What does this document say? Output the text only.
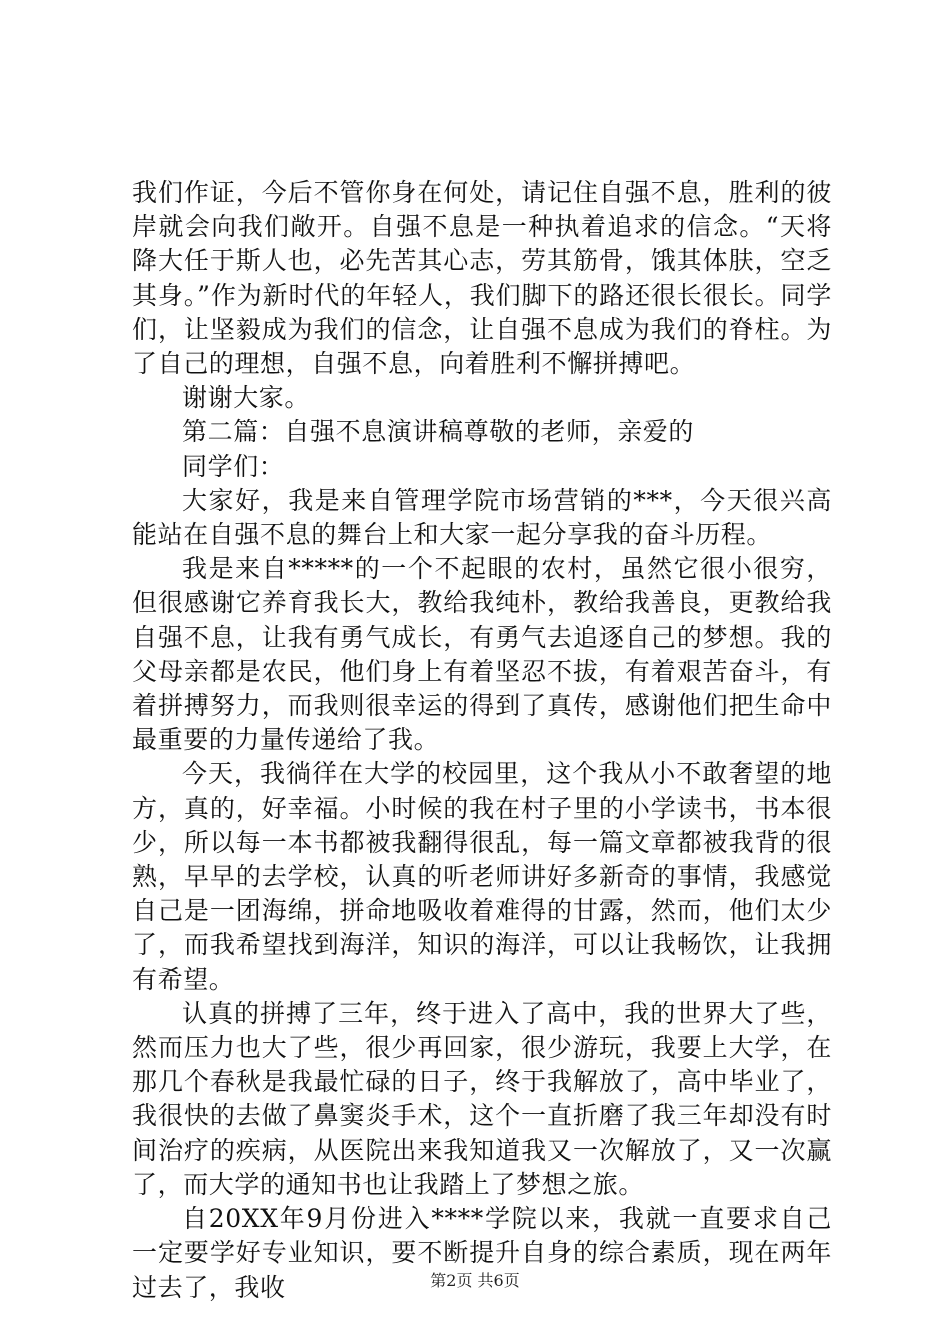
我们作证，今后不管你身在何处，请记住自强不息，胜利的彼岸就会向我们敞开。自强不息是一种执着追求的信念。“天将降大任于斯人也，必先苦其心志，劳其筋骨，饿其体肤，空乏其身。”作为新时代的年轻人，我们脚下的路还很长很长。同学们，让坚毅成为我们的信念，让自强不息成为我们的脊柱。为了自己的理想，自强不息，向着胜利不懈拼搏吧。

谢谢大家。

第二篇：自强不息演讲稿尊敬的老师，亲爱的

同学们：

大家好，我是来自管理学院市场营销的***，今天很兴高能站在自强不息的舞台上和大家一起分享我的奋斗历程。

我是来自*****的一个不起眼的农村，虽然它很小很穷，但很感谢它养育我长大，教给我纯朴，教给我善良，更教给我自强不息，让我有勇气成长，有勇气去追逐自己的梦想。我的父母亲都是农民，他们身上有着坚忍不拔，有着艰苦奋斗，有着拼搏努力，而我则很幸运的得到了真传，感谢他们把生命中最重要的力量传递给了我。

今天，我徜徉在大学的校园里，这个我从小不敢奢望的地方，真的，好幸福。小时候的我在村子里的小学读书，书本很少，所以每一本书都被我翻得很乱，每一篇文章都被我背的很熟，早早的去学校，认真的听老师讲好多新奇的事情，我感觉自己是一团海绵，拼命地吸收着难得的甘露，然而，他们太少了，而我希望找到海洋，知识的海洋，可以让我畅饮，让我拥有希望。

认真的拼搏了三年，终于进入了高中，我的世界大了些，然而压力也大了些，很少再回家，很少游玩，我要上大学，在那几个春秋是我最忙碌的日子，终于我解放了，高中毕业了，我很快的去做了鼻窦炎手术，这个一直折磨了我三年却没有时间治疗的疾病，从医院出来我知道我又一次解放了，又一次赢了，而大学的通知书也让我踏上了梦想之旅。

自20XX年9月份进入****学院以来，我就一直要求自己一定要学好专业知识，要不断提升自身的综合素质，现在两年过去了，我收	第2页 共6页
